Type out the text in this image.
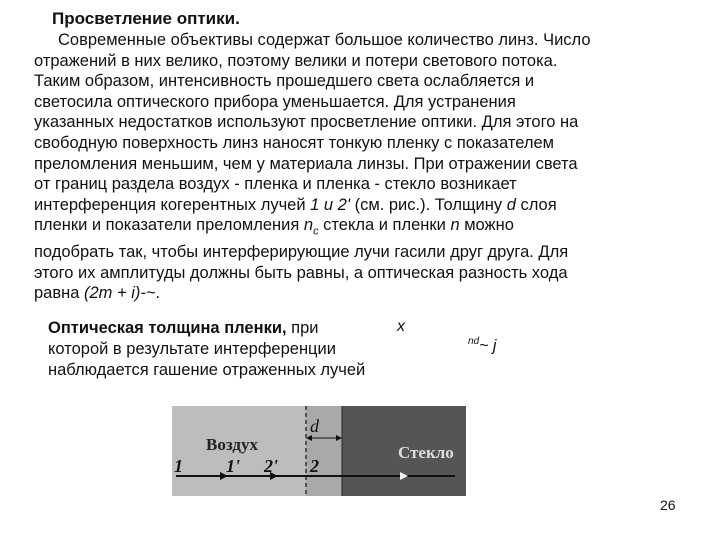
Просветление оптики.
Современные объективы содержат большое количество линз. Число
отражений в них велико, поэтому велики и потери светового потока.
Таким образом, интенсивность прошедшего света ослабляется и
светосила оптического прибора уменьшается. Для устранения
указанных недостатков используют просветление оптики. Для этого на
свободную поверхность линз наносят тонкую пленку с показателем
преломления меньшим, чем у материала линзы. При отражении света
от границ раздела воздух - пленка и пленка - стекло возникает
интерференция когерентных лучей 1 и 2' (см. рис.). Толщину d слоя
пленки и показатели преломления $n_c$ стекла и пленки n можно
подобрать так, чтобы интерферирующие лучи гасили друг друга. Для
этого их амплитуды должны быть равны, а оптическая разность хода
равна (2m + i)-~.
Оптическая толщина пленки, при
которой в результате интерференции
наблюдается гашение отраженных лучей
x
$^{nd}$~ j
Воздух	Стекло
d
1 1' 2' 2
26
